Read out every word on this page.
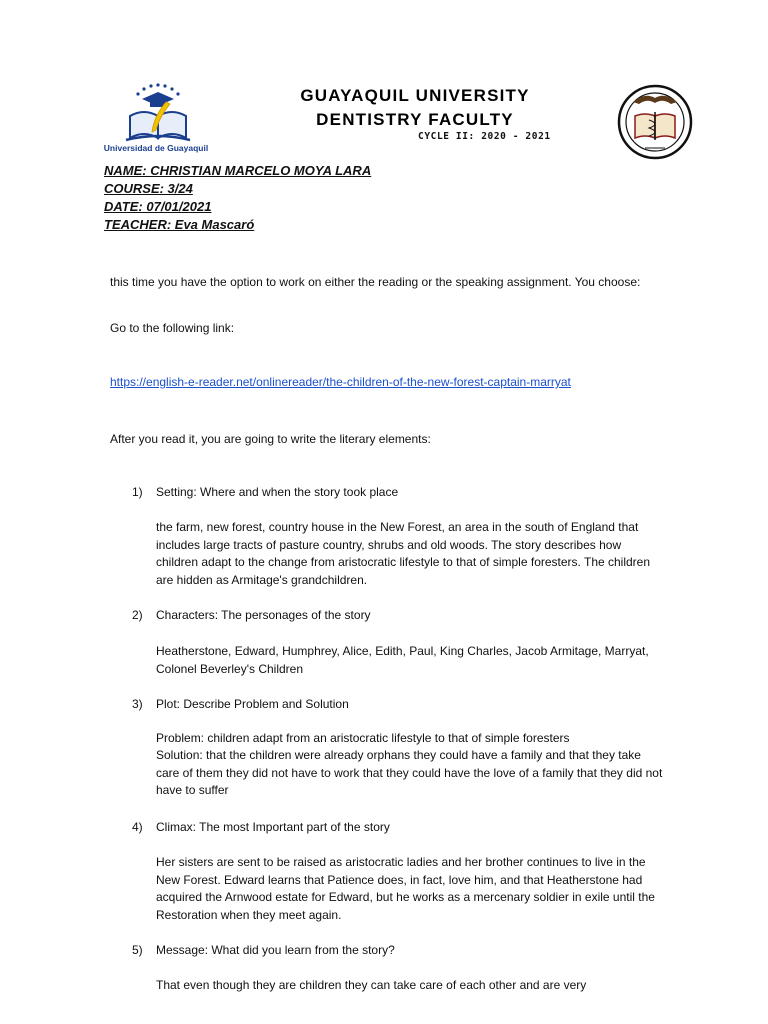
Universidad de Guayaquil
GUAYAQUIL UNIVERSITY
DENTISTRY FACULTY
CYCLE II: 2020 - 2021
NAME: CHRISTIAN MARCELO MOYA LARA
COURSE: 3/24
DATE: 07/01/2021
TEACHER: Eva Mascaró
this time you have the option to work on either the reading or the speaking assignment. You choose:
Go to the following link:
https://english-e-reader.net/onlinereader/the-children-of-the-new-forest-captain-marryat
After you read it, you are going to write the literary elements:
1) Setting: Where and when the story took place
the farm, new forest, country house in the New Forest, an area in the south of England that includes large tracts of pasture country, shrubs and old woods. The story describes how children adapt to the change from aristocratic lifestyle to that of simple foresters. The children are hidden as Armitage's grandchildren.
2) Characters: The personages of the story
Heatherstone, Edward, Humphrey, Alice, Edith, Paul, King Charles, Jacob Armitage, Marryat, Colonel Beverley's Children
3) Plot: Describe Problem and Solution
Problem: children adapt from an aristocratic lifestyle to that of simple foresters
Solution: that the children were already orphans they could have a family and that they take care of them they did not have to work that they could have the love of a family that they did not have to suffer
4) Climax: The most Important part of the story
Her sisters are sent to be raised as aristocratic ladies and her brother continues to live in the New Forest. Edward learns that Patience does, in fact, love him, and that Heatherstone had acquired the Arnwood estate for Edward, but he works as a mercenary soldier in exile until the Restoration when they meet again.
5) Message: What did you learn from the story?
That even though they are children they can take care of each other and are very
